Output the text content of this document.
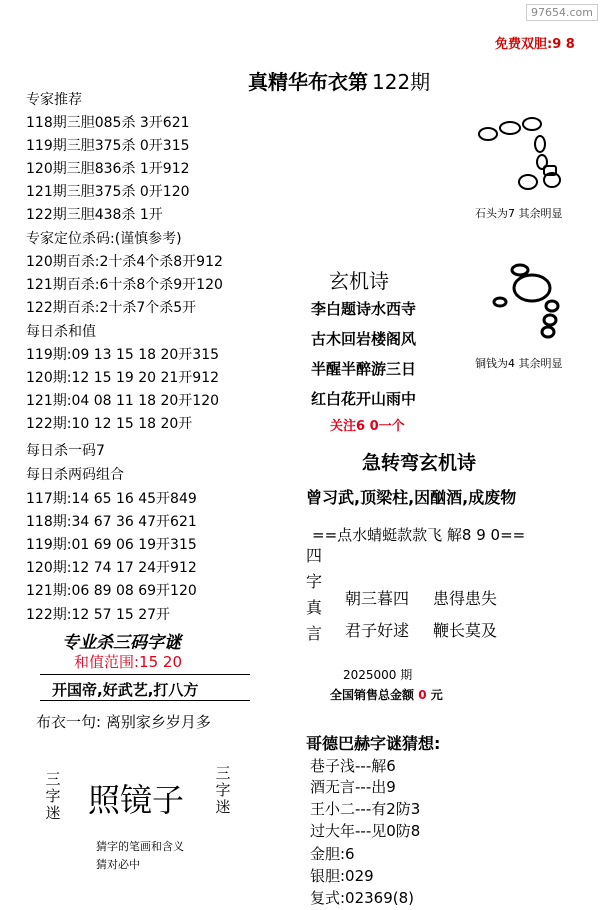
97654.com
免费双胆:9 8
真精华布衣第 122期
专家推荐
118期三胆085杀 3开621
119期三胆375杀 0开315
120期三胆836杀 1开912
121期三胆375杀 0开120
122期三胆438杀 1开
专家定位杀码:(谨慎参考)
120期百杀:2十杀4个杀8开912
121期百杀:6十杀8个杀9开120
122期百杀:2十杀7个杀5开
每日杀和值
119期:09 13 15 18 20开315
120期:12 15 19 20 21开912
121期:04 08 11 18 20开120
122期:10 12 15 18 20开
每日杀一码7
每日杀两码组合
117期:14 65 16 45开849
118期:34 67 36 47开621
119期:01 69 06 19开315
120期:12 74 17 24开912
121期:06 89 08 69开120
122期:12 57 15 27开
专业杀三码字谜
和值范围:15 20
开国帝,好武艺,打八方
布衣一句: 离别家乡岁月多
三字迷 照镜子
三字迷
猜字的笔画和含义
猜对必中
石头为7 其余明显
铜钱为4 其余明显
玄机诗
李白题诗水西寺
古木回岩楼阁风
半醒半醉游三日
红白花开山雨中
关注6 0一个
急转弯玄机诗
曾习武,顶梁柱,因酗酒,成废物
==点水蜻蜓款款飞 解8 9 0==
四字真言
朝三暮四 患得患失
君子好逑 鞭长莫及
2025000 期
全国销售总金额 0 元
哥德巴赫字谜猜想:
巷子浅---解6
酒无言---出9
王小二---有2防3
过大年---见0防8
金胆:6
银胆:029
复式:02369(8)
